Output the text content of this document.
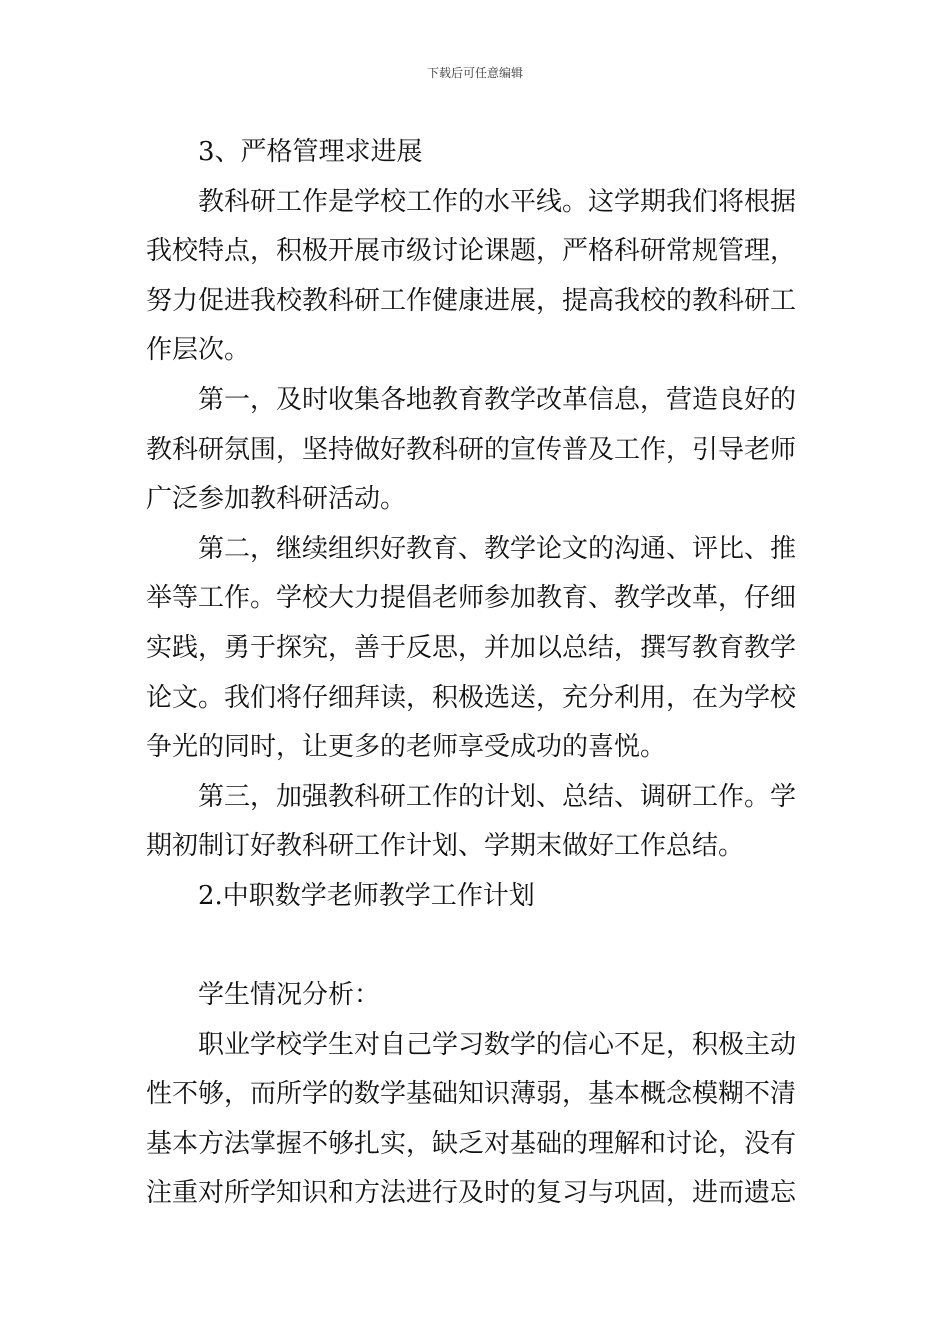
下载后可任意编辑

3、严格管理求进展

教科研工作是学校工作的水平线。这学期我们将根据

我校特点，积极开展市级讨论课题，严格科研常规管理，

努力促进我校教科研工作健康进展，提高我校的教科研工

作层次。

第一，及时收集各地教育教学改革信息，营造良好的

教科研氛围，坚持做好教科研的宣传普及工作，引导老师

广泛参加教科研活动。

第二，继续组织好教育、教学论文的沟通、评比、推

举等工作。学校大力提倡老师参加教育、教学改革，仔细

实践，勇于探究，善于反思，并加以总结，撰写教育教学

论文。我们将仔细拜读，积极选送，充分利用，在为学校

争光的同时，让更多的老师享受成功的喜悦。

第三，加强教科研工作的计划、总结、调研工作。学

期初制订好教科研工作计划、学期末做好工作总结。

2.中职数学老师教学工作计划

学生情况分析：

职业学校学生对自己学习数学的信心不足，积极主动

性不够，而所学的数学基础知识薄弱，基本概念模糊不清

基本方法掌握不够扎实，缺乏对基础的理解和讨论，没有

注重对所学知识和方法进行及时的复习与巩固，进而遗忘
